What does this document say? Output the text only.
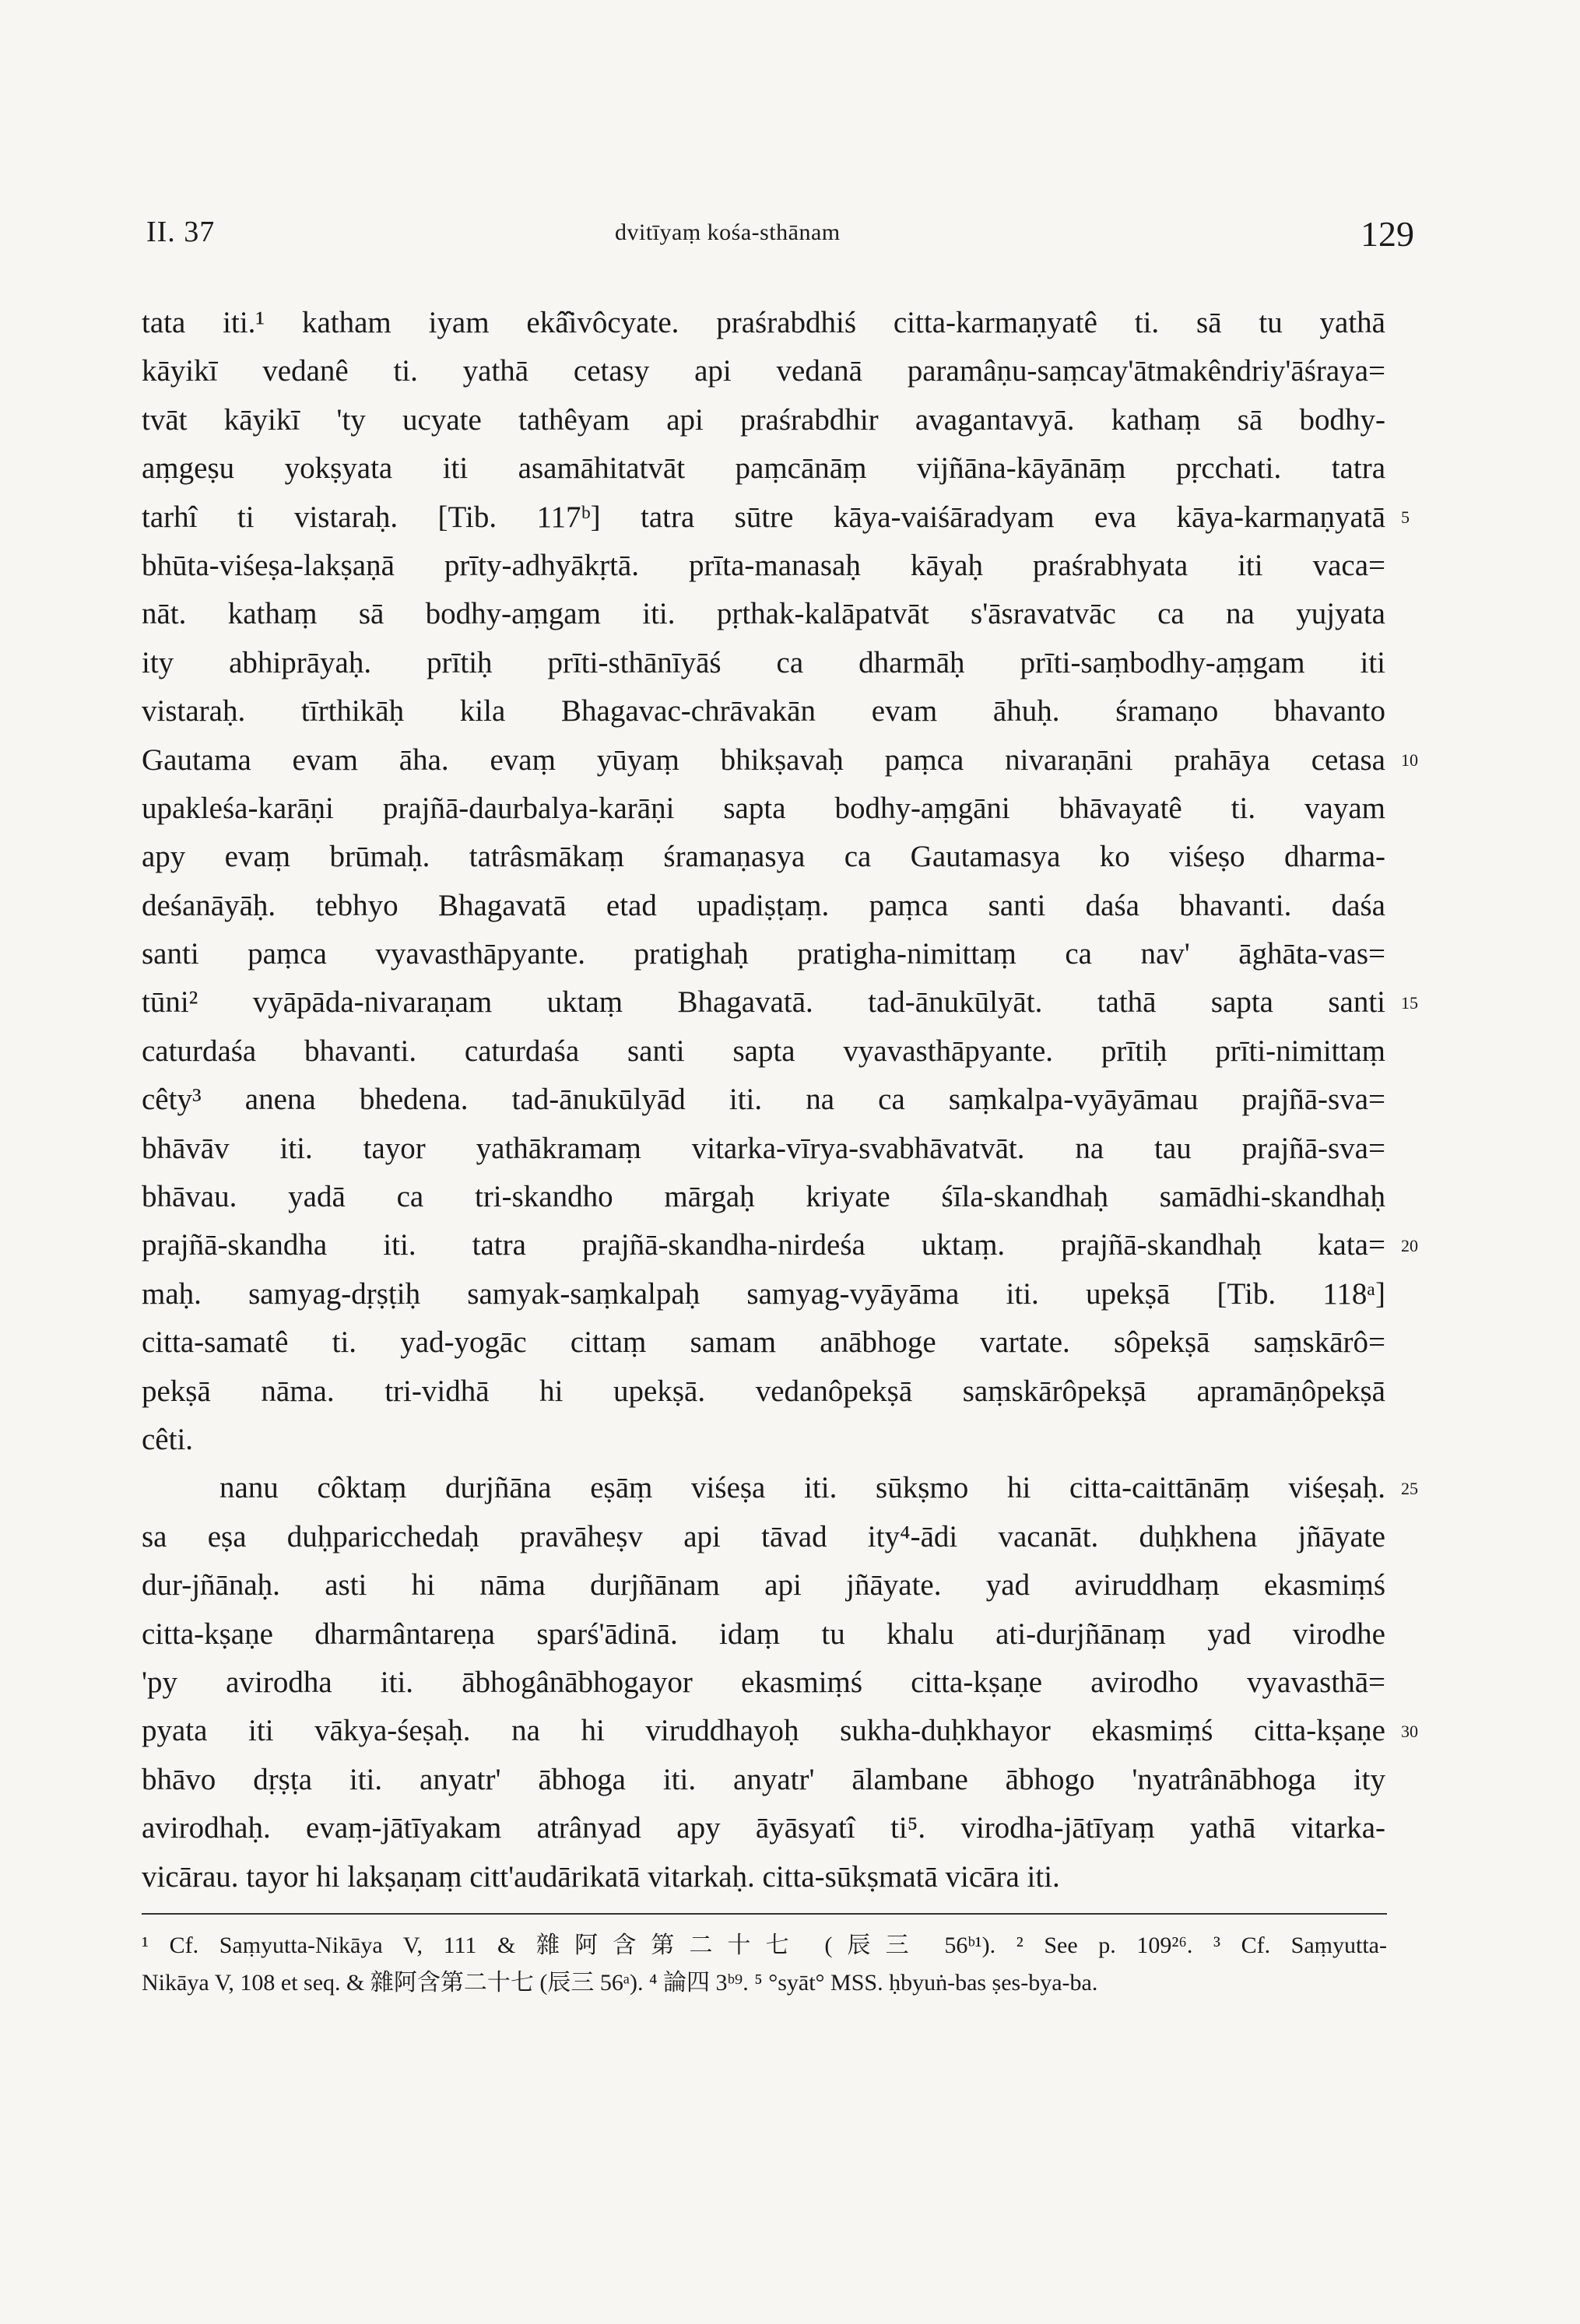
II. 37	dvitīyaṃ kośa-sthānam	129
tata iti.¹ katham iyam ekâ̂ivôcyate. praśrabdhiś citta-karmaṇyatê ti. sā tu yathā
kāyikī vedanê ti. yathā cetasy api vedanā paramâṇu-saṃcay'ātmakêndriy'āśraya=
tvāt kāyikī 'ty ucyate tathêyam api praśrabdhir avagantavyā. kathaṃ sā bodhy-
aṃgeṣu yokṣyata iti asamāhitatvāt paṃcānāṃ vijñāna-kāyānāṃ pṛcchati. tatra
tarhî ti vistaraḥ. [Tib. 117ᵇ] tatra sūtre kāya-vaiśāradyam eva kāya-karmaṇyatā
bhūta-viśeṣa-lakṣaṇā prīty-adhyākṛtā. prīta-manasaḥ kāyaḥ praśrabhyata iti vaca=
nāt. kathaṃ sā bodhy-aṃgam iti. pṛthak-kalāpatvāt s'āsravatvāc ca na yujyata
ity abhiprāyaḥ. prītiḥ prīti-sthānīyāś ca dharmāḥ prīti-saṃbodhy-aṃgam iti
vistaraḥ. tīrthikāḥ kila Bhagavac-chrāvakān evam āhuḥ. śramaṇo bhavanto
Gautama evam āha. evaṃ yūyaṃ bhikṣavaḥ paṃca nivaraṇāni prahāya cetasa
upakleśa-karāṇi prajñā-daurbalya-karāṇi sapta bodhy-aṃgāni bhāvayatê ti. vayam
apy evaṃ brūmaḥ. tatrâsmākaṃ śramaṇasya ca Gautamasya ko viśeṣo dharma-
deśanāyāḥ. tebhyo Bhagavatā etad upadiṣṭaṃ. paṃca santi daśa bhavanti. daśa
santi paṃca vyavasthāpyante. pratighaḥ pratigha-nimittaṃ ca nav' āghāta-vas=
tūni² vyāpāda-nivaraṇam uktaṃ Bhagavatā. tad-ānukūlyāt. tathā sapta santi
caturdaśa bhavanti. caturdaśa santi sapta vyavasthāpyante. prītiḥ prīti-nimittaṃ
cêty³ anena bhedena. tad-ānukūlyād iti. na ca saṃkalpa-vyāyāmau prajñā-sva=
bhāvāv iti. tayor yathākramaṃ vitarka-vīrya-svabhāvatvāt. na tau prajñā-sva=
bhāvau. yadā ca tri-skandho mārgaḥ kriyate śīla-skandhaḥ samādhi-skandhaḥ
prajñā-skandha iti. tatra prajñā-skandha-nirdeśa uktaṃ. prajñā-skandhaḥ kata=
maḥ. samyag-dṛṣṭiḥ samyak-saṃkalpaḥ samyag-vyāyāma iti. upekṣā [Tib. 118ᵃ]
citta-samatê ti. yad-yogāc cittaṃ samam anābhoge vartate. sôpekṣā saṃskārô=
pekṣā nāma. tri-vidhā hi upekṣā. vedanôpekṣā saṃskārôpekṣā apramāṇôpekṣā
cêti.
nanu côktaṃ durjñāna eṣāṃ viśeṣa iti. sūkṣmo hi citta-caittānāṃ viśeṣaḥ.
sa eṣa duḥparicchedaḥ pravāheṣv api tāvad ity⁴-ādi vacanāt. duḥkhena jñāyate
dur-jñānaḥ. asti hi nāma durjñānam api jñāyate. yad aviruddhaṃ ekasmiṃś
citta-kṣaṇe dharmântareṇa sparś'ādinā. idaṃ tu khalu ati-durjñānaṃ yad virodhe
'py avirodha iti. ābhogânābhogayor ekasmiṃś citta-kṣaṇe avirodho vyavasthā=
pyata iti vākya-śeṣaḥ. na hi viruddhayoḥ sukha-duḥkhayor ekasmiṃś citta-kṣaṇe
bhāvo dṛṣṭa iti. anyatr' ābhoga iti. anyatr' ālambane ābhogo 'nyatrânābhoga ity
avirodhaḥ. evaṃ-jātīyakam atrânyad apy āyāsyatî ti⁵. virodha-jātīyaṃ yathā vitarka-
vicārau. tayor hi lakṣaṇaṃ citt'audārikatā vitarkaḥ. citta-sūkṣmatā vicāra iti.
5
10
15
20
25
30
¹ Cf. Saṃyutta-Nikāya V, 111 & 雜阿含第二十七 (辰三 56ᵇ¹). ² See p. 109²⁶. ³ Cf. Saṃyutta-
Nikāya V, 108 et seq. & 雜阿含第二十七 (辰三 56ᵃ). ⁴ 論四 3ᵇ⁹. ⁵ °syāt° MSS. ḥbyuṅ-bas ṣes-bya-ba.
